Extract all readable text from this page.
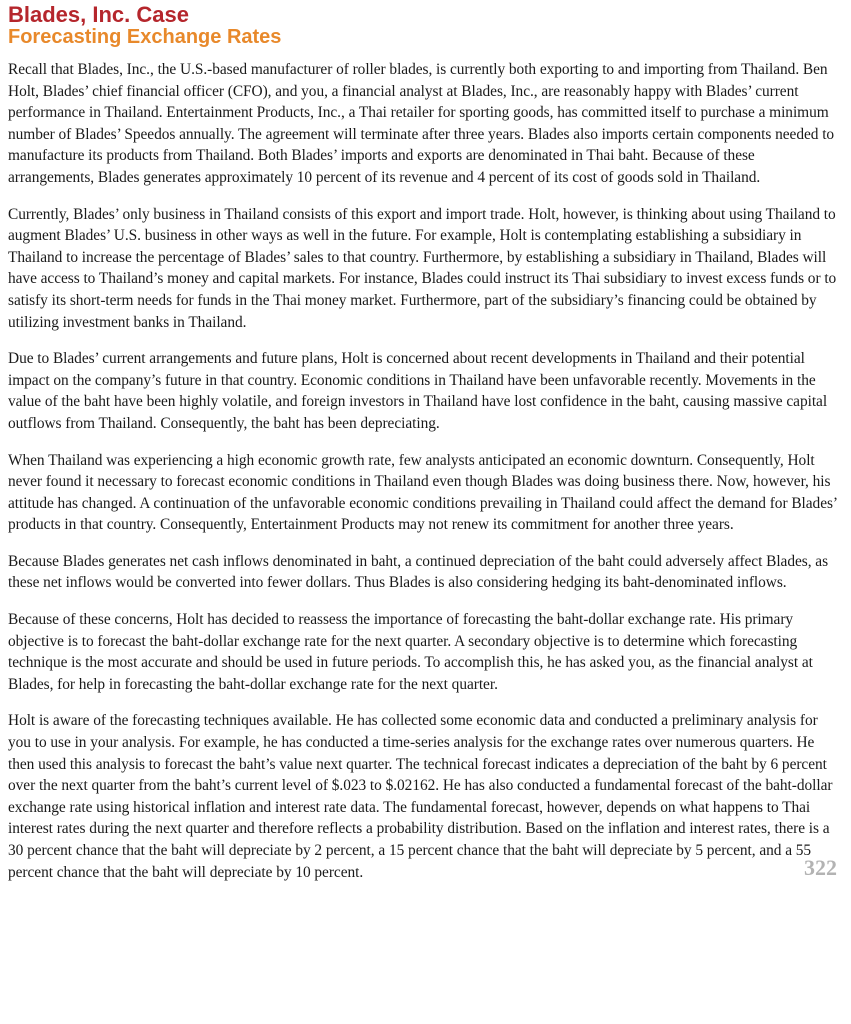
Blades, Inc. Case
Forecasting Exchange Rates

Recall that Blades, Inc., the U.S.-based manufacturer of roller blades, is currently both exporting to and importing from Thailand. Ben Holt, Blades’ chief financial officer (CFO), and you, a financial analyst at Blades, Inc., are reasonably happy with Blades’ current performance in Thailand. Entertainment Products, Inc., a Thai retailer for sporting goods, has committed itself to purchase a minimum number of Blades’ Speedos annually. The agreement will terminate after three years. Blades also imports certain components needed to manufacture its products from Thailand. Both Blades’ imports and exports are denominated in Thai baht. Because of these arrangements, Blades generates approximately 10 percent of its revenue and 4 percent of its cost of goods sold in Thailand.

Currently, Blades’ only business in Thailand consists of this export and import trade. Holt, however, is thinking about using Thailand to augment Blades’ U.S. business in other ways as well in the future. For example, Holt is contemplating establishing a subsidiary in Thailand to increase the percentage of Blades’ sales to that country. Furthermore, by establishing a subsidiary in Thailand, Blades will have access to Thailand’s money and capital markets. For instance, Blades could instruct its Thai subsidiary to invest excess funds or to satisfy its short-term needs for funds in the Thai money market. Furthermore, part of the subsidiary’s financing could be obtained by utilizing investment banks in Thailand.

Due to Blades’ current arrangements and future plans, Holt is concerned about recent developments in Thailand and their potential impact on the company’s future in that country. Economic conditions in Thailand have been unfavorable recently. Movements in the value of the baht have been highly volatile, and foreign investors in Thailand have lost confidence in the baht, causing massive capital outflows from Thailand. Consequently, the baht has been depreciating.

When Thailand was experiencing a high economic growth rate, few analysts anticipated an economic downturn. Consequently, Holt never found it necessary to forecast economic conditions in Thailand even though Blades was doing business there. Now, however, his attitude has changed. A continuation of the unfavorable economic conditions prevailing in Thailand could affect the demand for Blades’ products in that country. Consequently, Entertainment Products may not renew its commitment for another three years.

Because Blades generates net cash inflows denominated in baht, a continued depreciation of the baht could adversely affect Blades, as these net inflows would be converted into fewer dollars. Thus Blades is also considering hedging its baht-denominated inflows.

Because of these concerns, Holt has decided to reassess the importance of forecasting the baht-dollar exchange rate. His primary objective is to forecast the baht-dollar exchange rate for the next quarter. A secondary objective is to determine which forecasting technique is the most accurate and should be used in future periods. To accomplish this, he has asked you, as the financial analyst at Blades, for help in forecasting the baht-dollar exchange rate for the next quarter.

Holt is aware of the forecasting techniques available. He has collected some economic data and conducted a preliminary analysis for you to use in your analysis. For example, he has conducted a time-series analysis for the exchange rates over numerous quarters. He then used this analysis to forecast the baht’s value next quarter. The technical forecast indicates a depreciation of the baht by 6 percent over the next quarter from the baht’s current level of $.023 to $.02162. He has also conducted a fundamental forecast of the baht-dollar exchange rate using historical inflation and interest rate data. The fundamental forecast, however, depends on what happens to Thai interest rates during the next quarter and therefore reflects a probability distribution. Based on the inflation and interest rates, there is a 30 percent chance that the baht will depreciate by 2 percent, a 15 percent chance that the baht will depreciate by 5 percent, and a 55 percent chance that the baht will depreciate by 10 percent.	322
